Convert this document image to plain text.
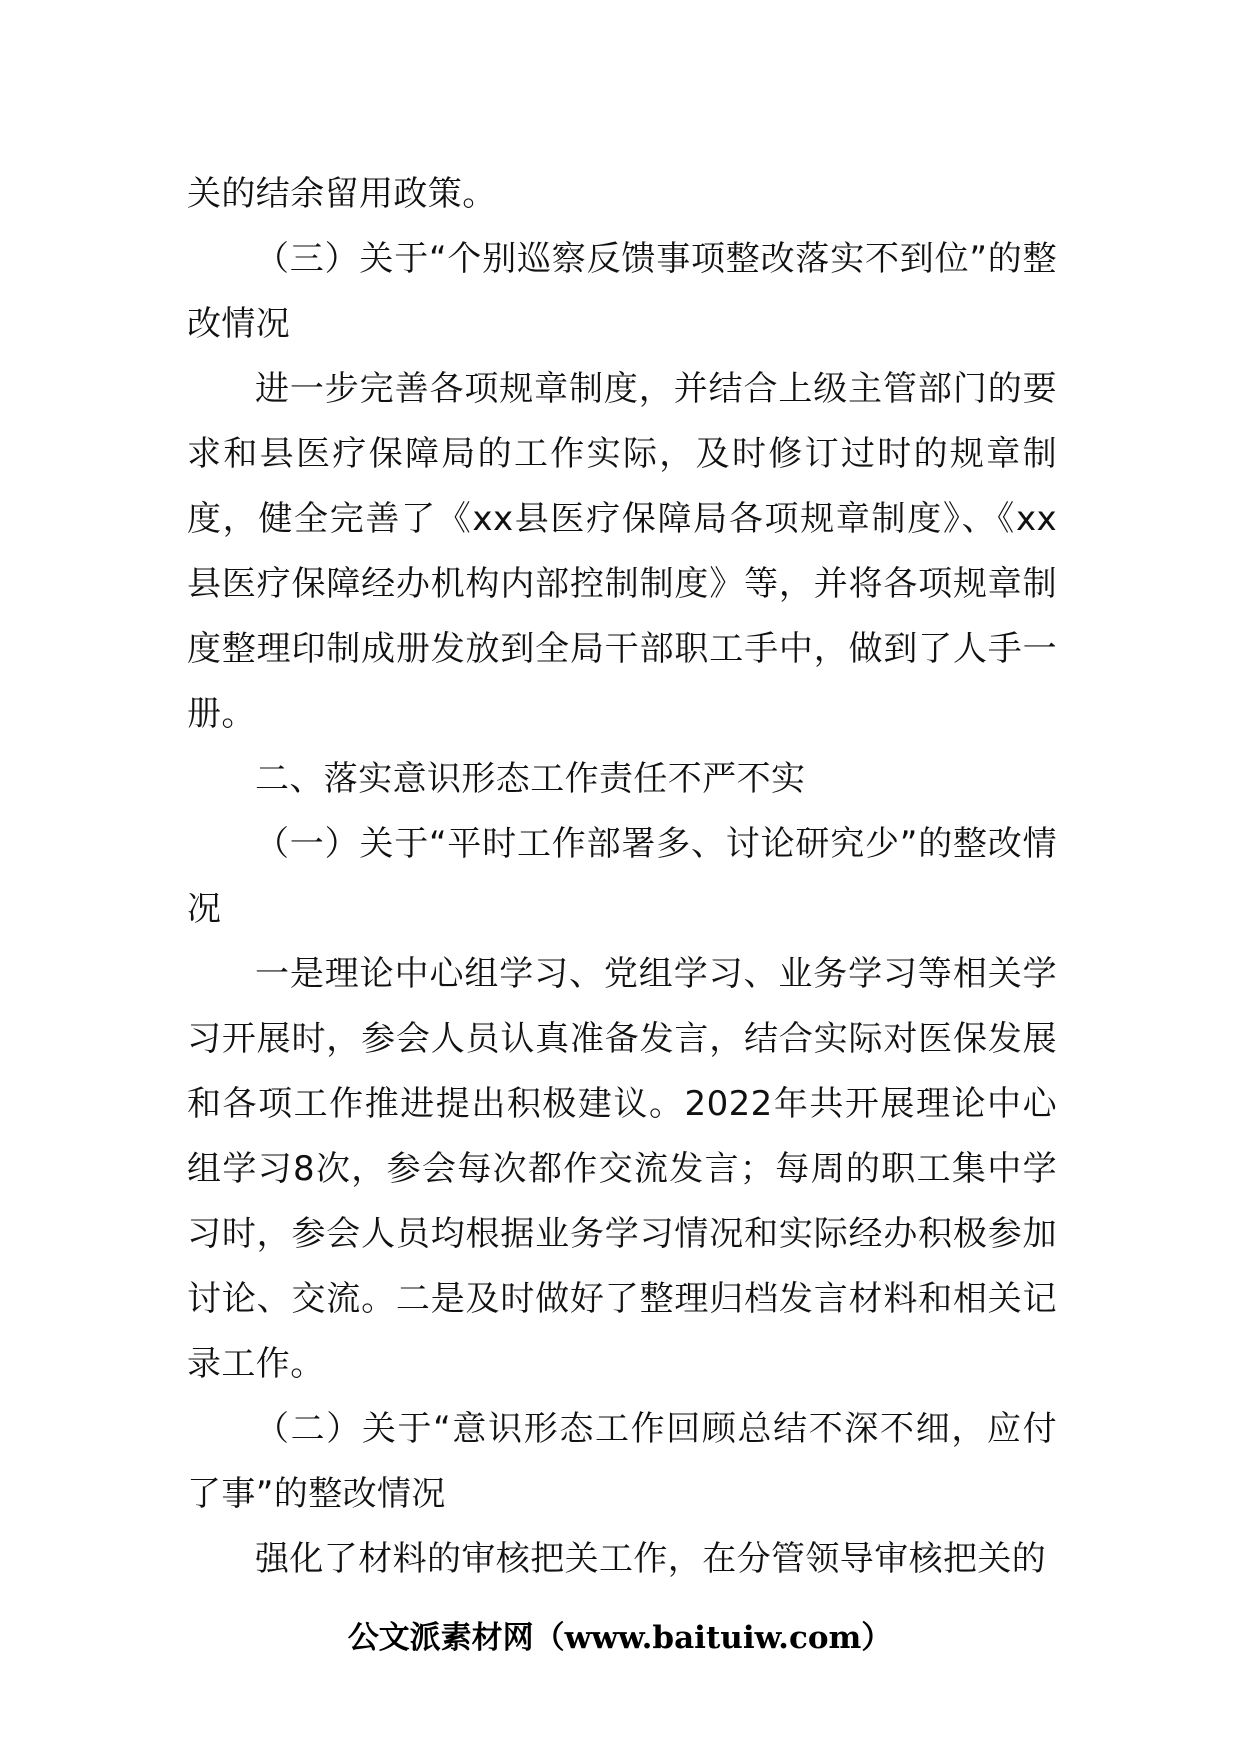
关的结余留用政策。

（三）关于“个别巡察反馈事项整改落实不到位”的整改情况

进一步完善各项规章制度，并结合上级主管部门的要求和县医疗保障局的工作实际，及时修订过时的规章制度，健全完善了《xx县医疗保障局各项规章制度》、《xx县医疗保障经办机构内部控制制度》等，并将各项规章制度整理印制成册发放到全局干部职工手中，做到了人手一册。

二、落实意识形态工作责任不严不实

（一）关于“平时工作部署多、讨论研究少”的整改情况

一是理论中心组学习、党组学习、业务学习等相关学习开展时，参会人员认真准备发言，结合实际对医保发展和各项工作推进提出积极建议。2022年共开展理论中心组学习8次，参会每次都作交流发言；每周的职工集中学习时，参会人员均根据业务学习情况和实际经办积极参加讨论、交流。二是及时做好了整理归档发言材料和相关记录工作。

（二）关于“意识形态工作回顾总结不深不细，应付了事”的整改情况

强化了材料的审核把关工作，在分管领导审核把关的

公文派素材网（www.baituiw.com）
